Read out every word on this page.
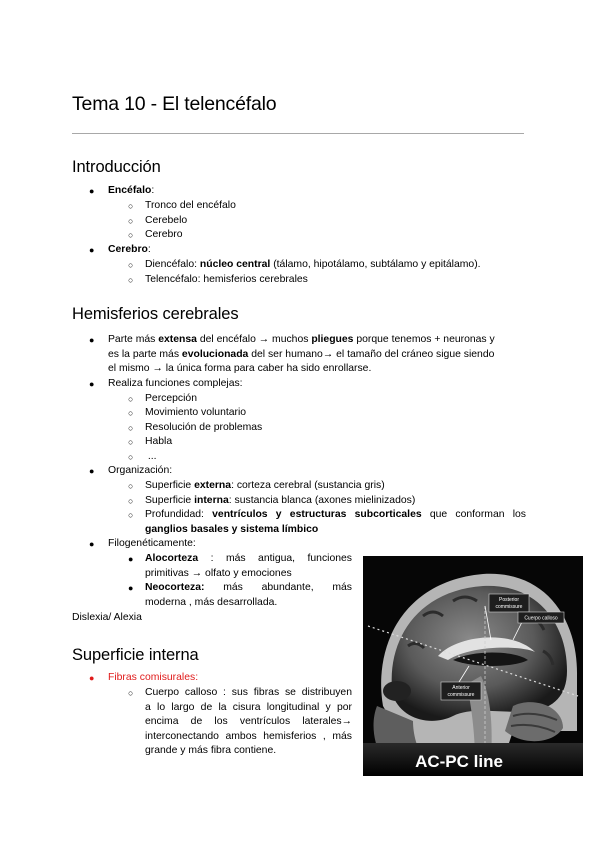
Tema 10 - El telencéfalo
Introducción
● Encéfalo:
○ Tronco del encéfalo
○ Cerebelo
○ Cerebro
● Cerebro:
○ Diencéfalo: núcleo central (tálamo, hipotálamo, subtálamo y epitálamo).
○ Telencéfalo: hemisferios cerebrales
Hemisferios cerebrales
● Parte más extensa del encéfalo → muchos pliegues porque tenemos + neuronas y
es la parte más evolucionada del ser humano→ el tamaño del cráneo sigue siendo
el mismo → la única forma para caber ha sido enrollarse.
● Realiza funciones complejas:
○ Percepción
○ Movimiento voluntario
○ Resolución de problemas
○ Habla
○ ...
● Organización:
○ Superficie externa: corteza cerebral (sustancia gris)
○ Superficie interna: sustancia blanca (axones mielinizados)
○ Profundidad: ventrículos y estructuras subcorticales que conforman los
ganglios basales y sistema límbico
● Filogenéticamente:
● Alocorteza : más antigua, funciones
primitivas → olfato y emociones
● Neocorteza: más abundante, más
moderna , más desarrollada.
Dislexia/ Alexia
Superficie interna
● Fibras comisurales:
○ Cuerpo calloso : sus fibras se distribuyen
a lo largo de la cisura longitudinal y por
encima de los ventrículos laterales→
interconectando ambos hemisferios , más
grande y más fibra contiene.
Posterior
commissure
Cuerpo calloso
Anterior
commissure
AC-PC line
